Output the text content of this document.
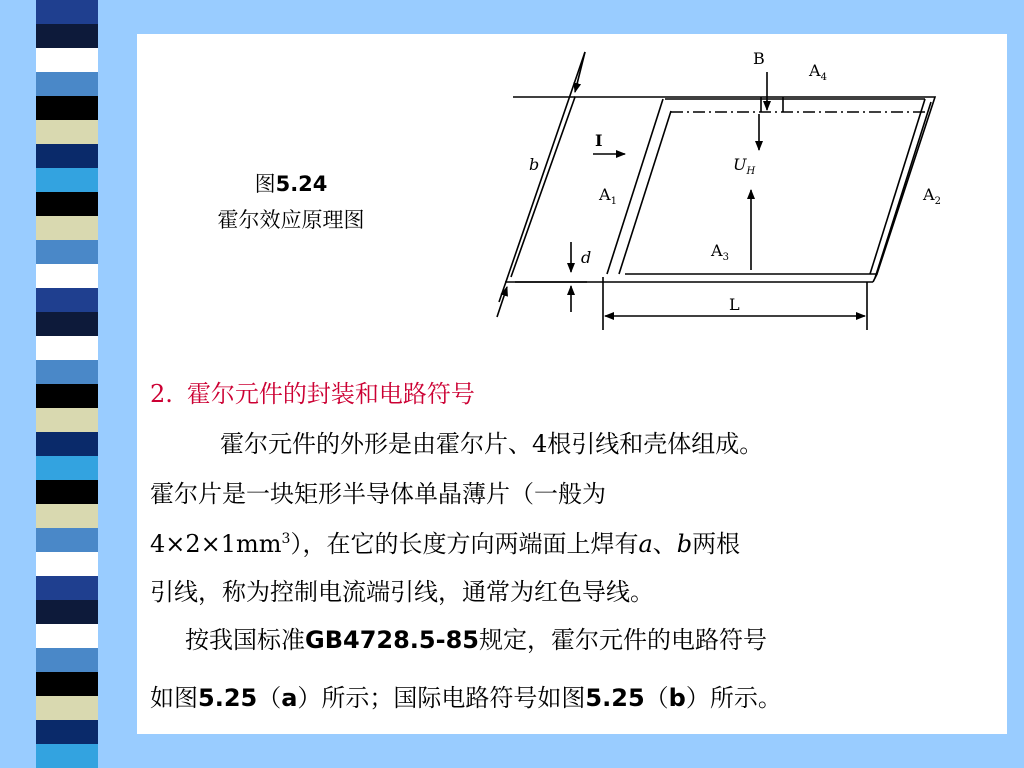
图5.24
霍尔效应原理图
B
$A_4$
I
$U_H$
b
$A_1$	$A_2$
$A_3$
d
L
2. 霍尔元件的封装和电路符号
霍尔元件的外形是由霍尔片、4根引线和壳体组成。
霍尔片是一块矩形半导体单晶薄片（一般为
$4\times 2\times 1mm^3$），在它的长度方向两端面上焊有a、b两根
引线，称为控制电流端引线，通常为红色导线。
按我国标准GB4728.5-85规定，霍尔元件的电路符号
如图5.25（a）所示；国际电路符号如图5.25（b）所示。
